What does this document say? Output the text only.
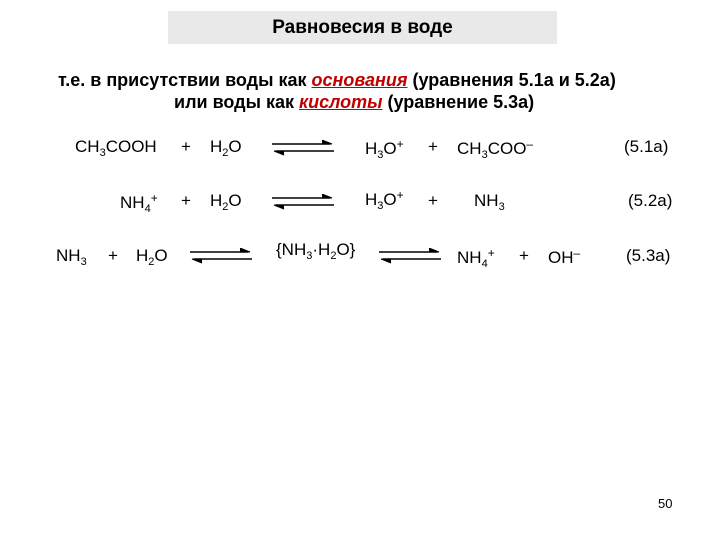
Равновесия в воде
т.е. в присутствии воды как основания (уравнения 5.1а и 5.2а)
или воды как кислоты (уравнение 5.3а)
$CH_3COOH + H_2O$	$H_3O^+ + CH_3COO^-$	(5.1а)
$NH_4^+ + H_2O$	$H_3O^+ + NH_3$	(5.2а)
$NH_3 + H_2O$	$\{NH_3\cdot H_2O\}$	$NH_4^+ + OH^-$	(5.3а)
50
